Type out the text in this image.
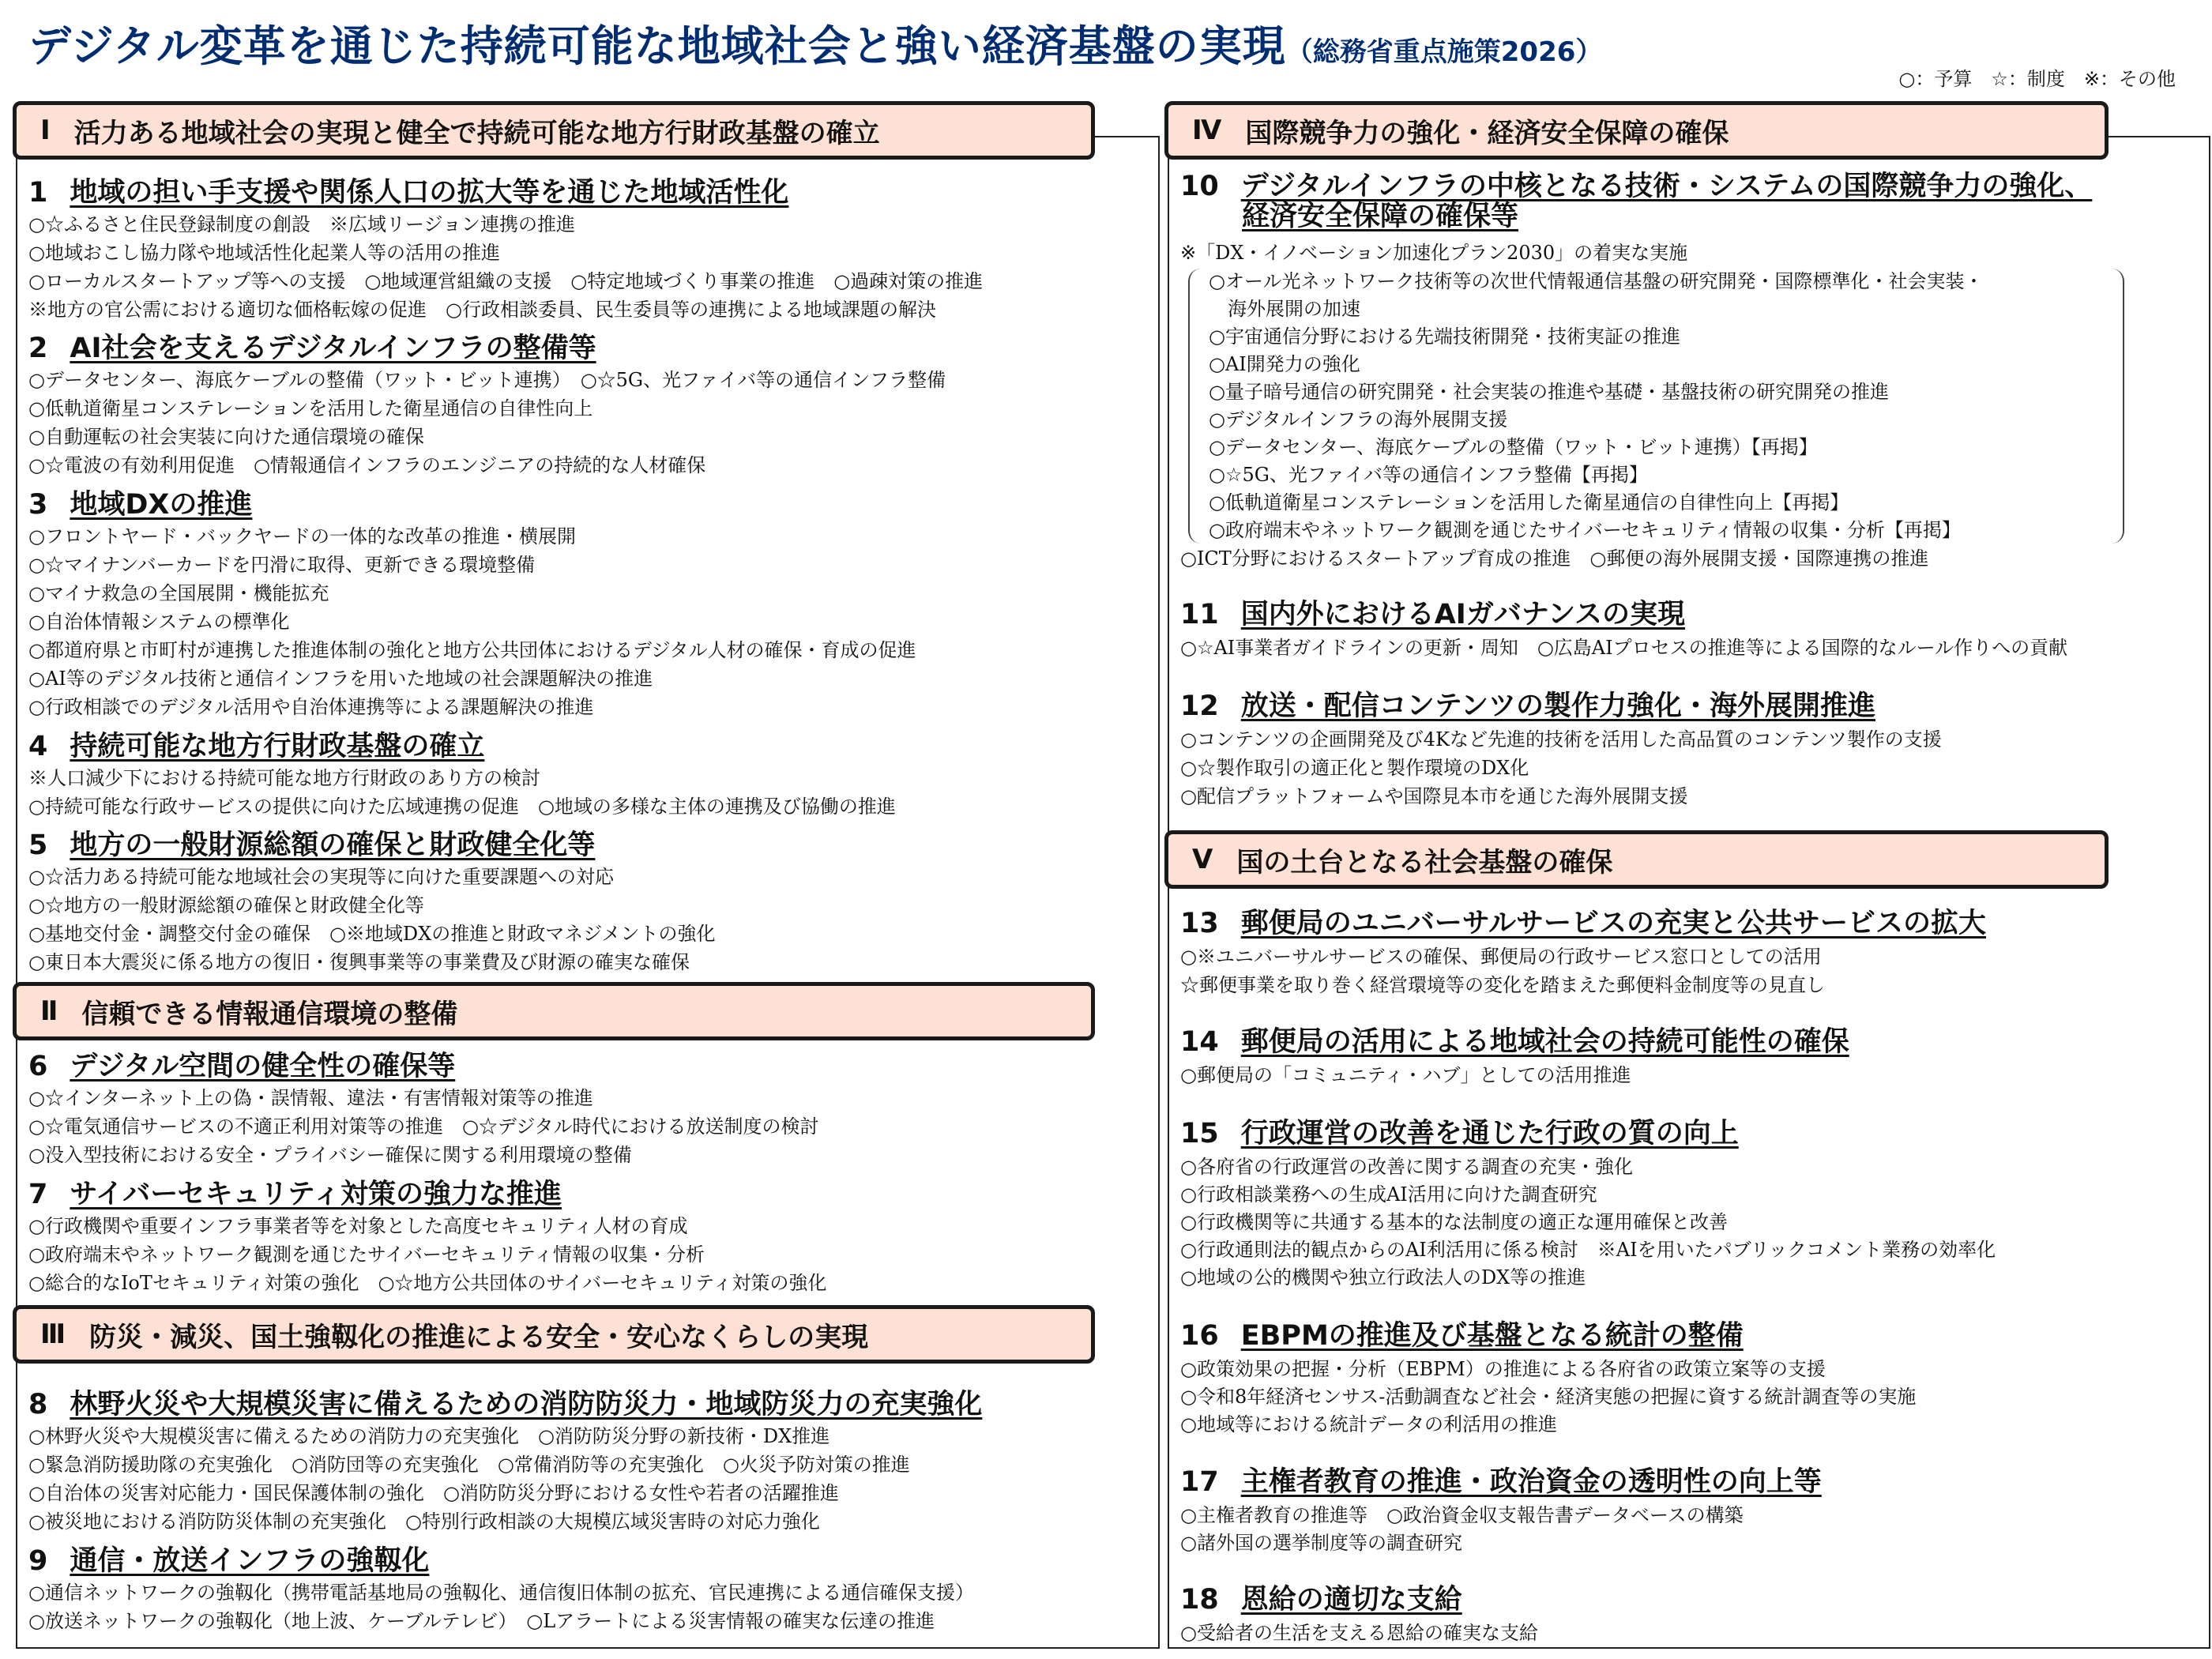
デジタル変革を通じた持続可能な地域社会と強い経済基盤の実現（総務省重点施策2026）
○：予算　☆：制度　※：その他
Ⅰ 活力ある地域社会の実現と健全で持続可能な地方行財政基盤の確立
Ⅱ 信頼できる情報通信環境の整備
Ⅲ 防災・減災、国土強靱化の推進による安全・安心なくらしの実現
Ⅳ 国際競争力の強化・経済安全保障の確保
Ⅴ 国の土台となる社会基盤の確保
1 地域の担い手支援や関係人口の拡大等を通じた地域活性化
○☆ふるさと住民登録制度の創設　※広域リージョン連携の推進
○地域おこし協力隊や地域活性化起業人等の活用の推進
○ローカルスタートアップ等への支援　○地域運営組織の支援　○特定地域づくり事業の推進　○過疎対策の推進
※地方の官公需における適切な価格転嫁の促進　○行政相談委員、民生委員等の連携による地域課題の解決
2 AI社会を支えるデジタルインフラの整備等
○データセンター、海底ケーブルの整備（ワット・ビット連携）　○☆5G、光ファイバ等の通信インフラ整備
○低軌道衛星コンステレーションを活用した衛星通信の自律性向上
○自動運転の社会実装に向けた通信環境の確保
○☆電波の有効利用促進　○情報通信インフラのエンジニアの持続的な人材確保
3 地域DXの推進
○フロントヤード・バックヤードの一体的な改革の推進・横展開
○☆マイナンバーカードを円滑に取得、更新できる環境整備
○マイナ救急の全国展開・機能拡充
○自治体情報システムの標準化
○都道府県と市町村が連携した推進体制の強化と地方公共団体におけるデジタル人材の確保・育成の促進
○AI等のデジタル技術と通信インフラを用いた地域の社会課題解決の推進
○行政相談でのデジタル活用や自治体連携等による課題解決の推進
4 持続可能な地方行財政基盤の確立
※人口減少下における持続可能な地方行財政のあり方の検討
○持続可能な行政サービスの提供に向けた広域連携の促進　○地域の多様な主体の連携及び協働の推進
5 地方の一般財源総額の確保と財政健全化等
○☆活力ある持続可能な地域社会の実現等に向けた重要課題への対応
○☆地方の一般財源総額の確保と財政健全化等
○基地交付金・調整交付金の確保　○※地域DXの推進と財政マネジメントの強化
○東日本大震災に係る地方の復旧・復興事業等の事業費及び財源の確実な確保
6 デジタル空間の健全性の確保等
○☆インターネット上の偽・誤情報、違法・有害情報対策等の推進
○☆電気通信サービスの不適正利用対策等の推進　○☆デジタル時代における放送制度の検討
○没入型技術における安全・プライバシー確保に関する利用環境の整備
7 サイバーセキュリティ対策の強力な推進
○行政機関や重要インフラ事業者等を対象とした高度セキュリティ人材の育成
○政府端末やネットワーク観測を通じたサイバーセキュリティ情報の収集・分析
○総合的なIoTセキュリティ対策の強化　○☆地方公共団体のサイバーセキュリティ対策の強化
8 林野火災や大規模災害に備えるための消防防災力・地域防災力の充実強化
○林野火災や大規模災害に備えるための消防力の充実強化　○消防防災分野の新技術・DX推進
○緊急消防援助隊の充実強化　○消防団等の充実強化　○常備消防等の充実強化　○火災予防対策の推進
○自治体の災害対応能力・国民保護体制の強化　○消防防災分野における女性や若者の活躍推進
○被災地における消防防災体制の充実強化　○特別行政相談の大規模広域災害時の対応力強化
9 通信・放送インフラの強靱化
○通信ネットワークの強靱化（携帯電話基地局の強靱化、通信復旧体制の拡充、官民連携による通信確保支援）
○放送ネットワークの強靱化（地上波、ケーブルテレビ）　○Lアラートによる災害情報の確実な伝達の推進
10 デジタルインフラの中核となる技術・システムの国際競争力の強化、
経済安全保障の確保等
※「DX・イノベーション加速化プラン2030」の着実な実施
○オール光ネットワーク技術等の次世代情報通信基盤の研究開発・国際標準化・社会実装・
海外展開の加速
○宇宙通信分野における先端技術開発・技術実証の推進
○AI開発力の強化
○量子暗号通信の研究開発・社会実装の推進や基礎・基盤技術の研究開発の推進
○デジタルインフラの海外展開支援
○データセンター、海底ケーブルの整備（ワット・ビット連携）【再掲】
○☆5G、光ファイバ等の通信インフラ整備【再掲】
○低軌道衛星コンステレーションを活用した衛星通信の自律性向上【再掲】
○政府端末やネットワーク観測を通じたサイバーセキュリティ情報の収集・分析【再掲】
○ICT分野におけるスタートアップ育成の推進　○郵便の海外展開支援・国際連携の推進
11 国内外におけるAIガバナンスの実現
○☆AI事業者ガイドラインの更新・周知　○広島AIプロセスの推進等による国際的なルール作りへの貢献
12 放送・配信コンテンツの製作力強化・海外展開推進
○コンテンツの企画開発及び4Kなど先進的技術を活用した高品質のコンテンツ製作の支援
○☆製作取引の適正化と製作環境のDX化
○配信プラットフォームや国際見本市を通じた海外展開支援
13 郵便局のユニバーサルサービスの充実と公共サービスの拡大
○※ユニバーサルサービスの確保、郵便局の行政サービス窓口としての活用
☆郵便事業を取り巻く経営環境等の変化を踏まえた郵便料金制度等の見直し
14 郵便局の活用による地域社会の持続可能性の確保
○郵便局の「コミュニティ・ハブ」としての活用推進
15 行政運営の改善を通じた行政の質の向上
○各府省の行政運営の改善に関する調査の充実・強化
○行政相談業務への生成AI活用に向けた調査研究
○行政機関等に共通する基本的な法制度の適正な運用確保と改善
○行政通則法的観点からのAI利活用に係る検討　※AIを用いたパブリックコメント業務の効率化
○地域の公的機関や独立行政法人のDX等の推進
16 EBPMの推進及び基盤となる統計の整備
○政策効果の把握・分析（EBPM）の推進による各府省の政策立案等の支援
○令和8年経済センサス‐活動調査など社会・経済実態の把握に資する統計調査等の実施
○地域等における統計データの利活用の推進
17 主権者教育の推進・政治資金の透明性の向上等
○主権者教育の推進等　○政治資金収支報告書データベースの構築
○諸外国の選挙制度等の調査研究
18 恩給の適切な支給
○受給者の生活を支える恩給の確実な支給
